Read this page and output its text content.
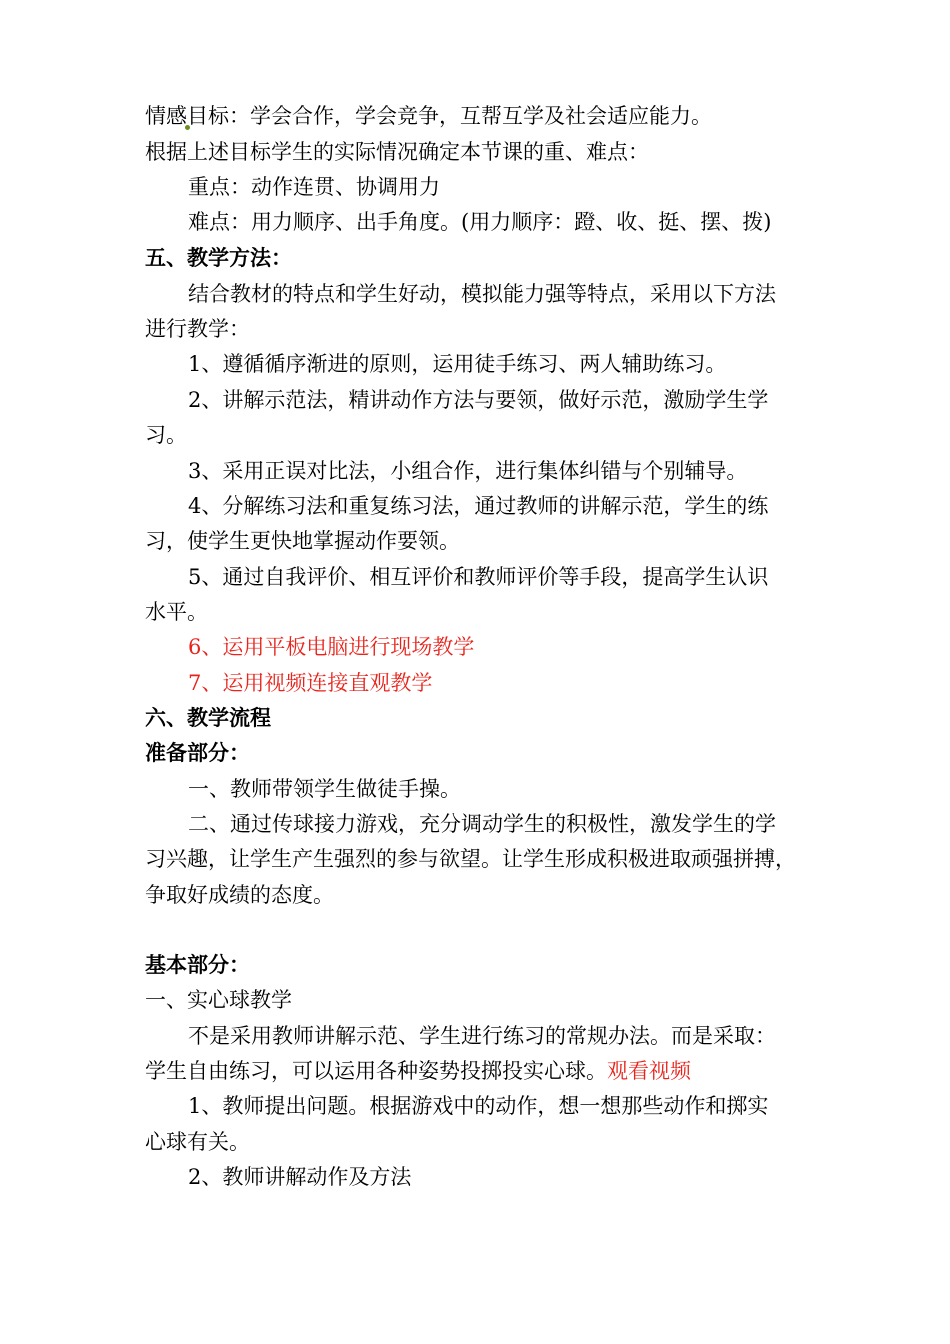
情感目标：学会合作，学会竞争，互帮互学及社会适应能力。
根据上述目标学生的实际情况确定本节课的重、难点：
重点：动作连贯、协调用力
难点：用力顺序、出手角度。(用力顺序：蹬、收、挺、摆、拨)
五、教学方法：
结合教材的特点和学生好动，模拟能力强等特点，采用以下方法
进行教学：
1、遵循循序渐进的原则，运用徒手练习、两人辅助练习。
2、讲解示范法，精讲动作方法与要领，做好示范，激励学生学
习。
3、采用正误对比法，小组合作，进行集体纠错与个别辅导。
4、分解练习法和重复练习法，通过教师的讲解示范，学生的练
习，使学生更快地掌握动作要领。
5、通过自我评价、相互评价和教师评价等手段，提高学生认识
水平。
6、运用平板电脑进行现场教学
7、运用视频连接直观教学
六、教学流程
准备部分：
一、教师带领学生做徒手操。
二、通过传球接力游戏，充分调动学生的积极性，激发学生的学
习兴趣，让学生产生强烈的参与欲望。让学生形成积极进取顽强拼搏，
争取好成绩的态度。
基本部分：
一、实心球教学
不是采用教师讲解示范、学生进行练习的常规办法。而是采取：
学生自由练习，可以运用各种姿势投掷投实心球。观看视频
1、教师提出问题。根据游戏中的动作，想一想那些动作和掷实
心球有关。
2、教师讲解动作及方法
